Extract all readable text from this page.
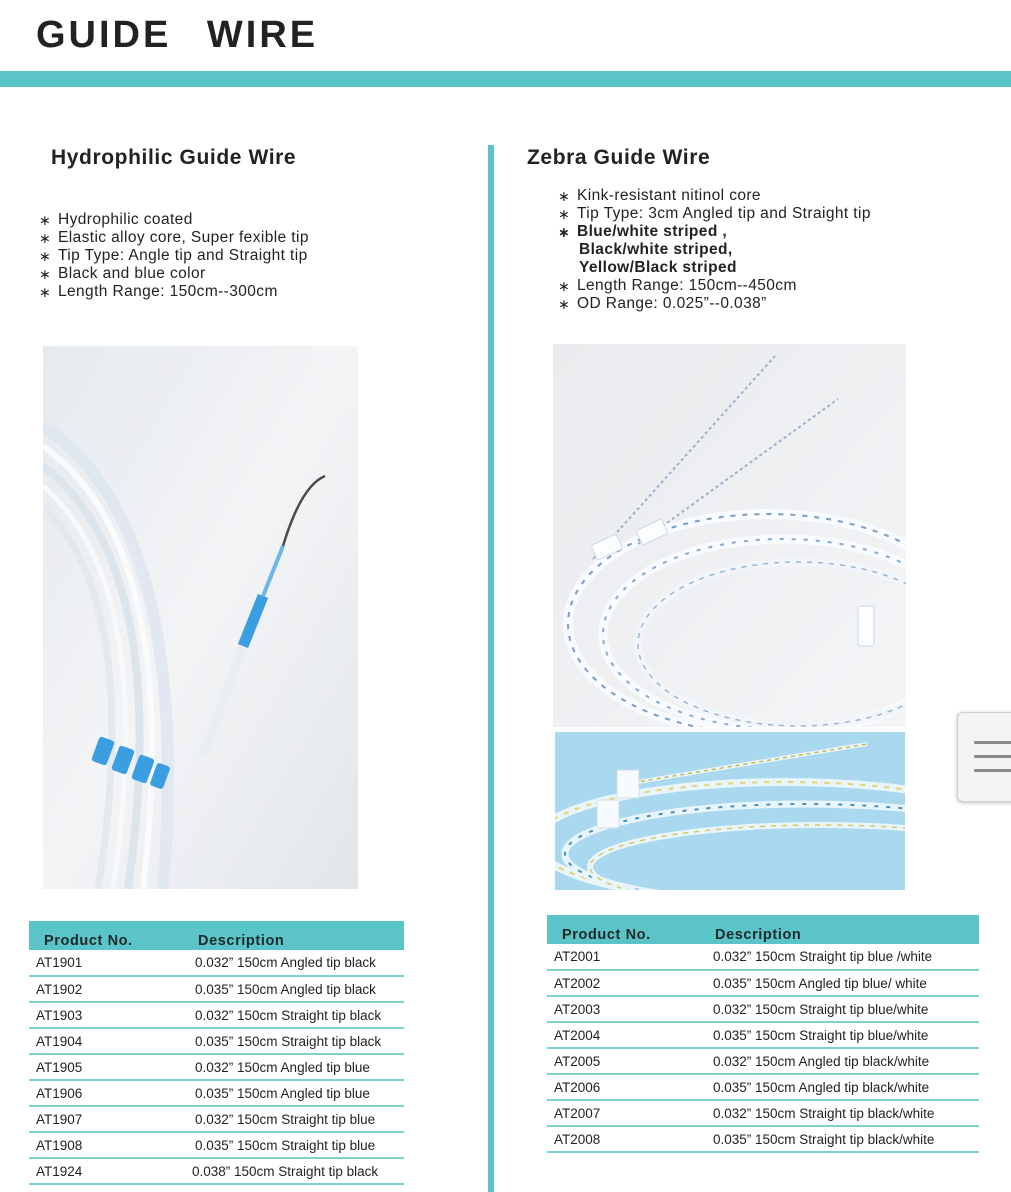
GUIDE WIRE
Hydrophilic Guide Wire
∗ Hydrophilic coated
∗ Elastic alloy core, Super fexible tip
∗ Tip Type: Angle tip and Straight tip
∗ Black and blue color
∗ Length Range: 150cm--300cm
Product No.	Description
AT1901	0.032” 150cm Angled tip black
AT1902	0.035” 150cm Angled tip black
AT1903	0.032” 150cm Straight tip black
AT1904	0.035” 150cm Straight tip black
AT1905	0.032” 150cm Angled tip blue
AT1906	0.035” 150cm Angled tip blue
AT1907	0.032” 150cm Straight tip blue
AT1908	0.035” 150cm Straight tip blue
AT1924	0.038” 150cm Straight tip black
Zebra Guide Wire
∗ Kink-resistant nitinol core
∗ Tip Type: 3cm Angled tip and Straight tip
∗ Blue/white striped ,
Black/white striped,
Yellow/Black striped
∗ Length Range: 150cm--450cm
∗ OD Range: 0.025”--0.038”
Product No.	Description
AT2001	0.032” 150cm Straight tip blue /white
AT2002	0.035” 150cm Angled tip blue/ white
AT2003	0.032” 150cm Straight tip blue/white
AT2004	0.035” 150cm Straight tip blue/white
AT2005	0.032” 150cm Angled tip black/white
AT2006	0.035” 150cm Angled tip black/white
AT2007	0.032” 150cm Straight tip black/white
AT2008	0.035” 150cm Straight tip black/white
